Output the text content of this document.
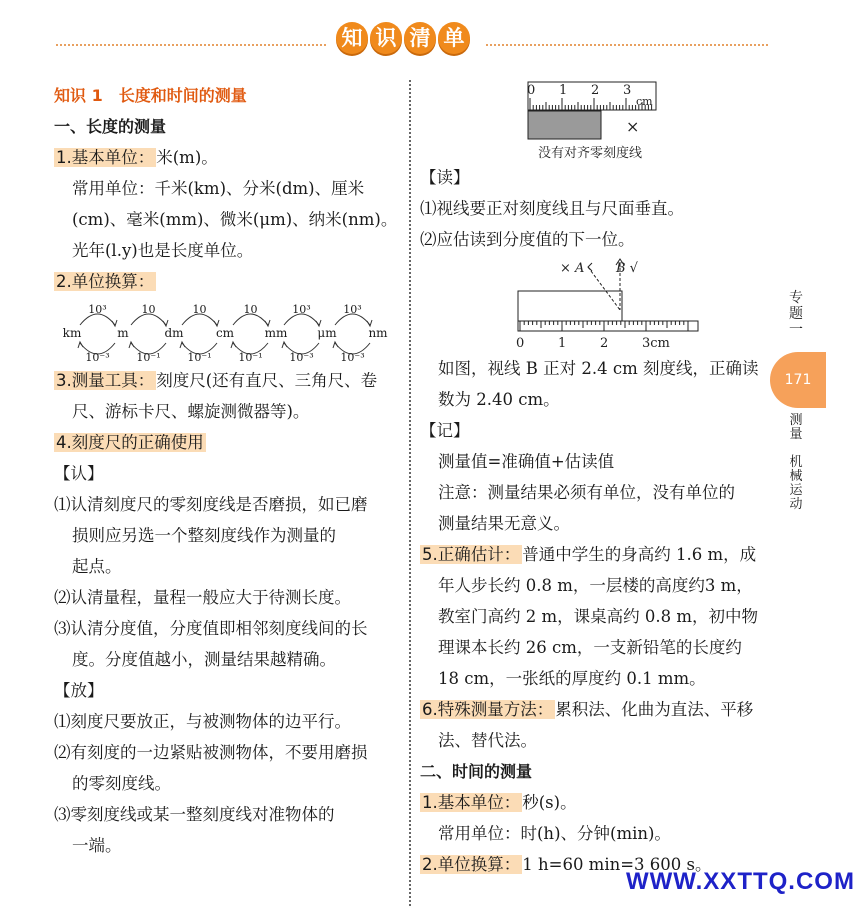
知 识 清 单
知识 1　长度和时间的测量
一、长度的测量
1.基本单位： 米(m)。
常用单位：千米(km)、分米(dm)、厘米
(cm)、毫米(mm)、微米(μm)、纳米(nm)。
光年(l.y)也是长度单位。
2.单位换算：
km	m	dm	cm	mm	μm	nm
10³
10⁻³
10
10⁻¹
10
10⁻¹
10
10⁻¹
10³
10⁻³
10³
10⁻³
3.测量工具： 刻度尺(还有直尺、三角尺、卷
尺、游标卡尺、螺旋测微器等)。
4.刻度尺的正确使用
【认】
⑴认清刻度尺的零刻度线是否磨损，如已磨
损则应另选一个整刻度线作为测量的
起点。
⑵认清量程，量程一般应大于待测长度。
⑶认清分度值，分度值即相邻刻度线间的长
度。分度值越小，测量结果越精确。
【放】
⑴刻度尺要放正，与被测物体的边平行。
⑵有刻度的一边紧贴被测物体，不要用磨损
的零刻度线。
⑶零刻度线或某一整刻度线对准物体的
一端。
0 1 2 3
cm
×
没有对齐零刻度线
【读】
⑴视线要正对刻度线且与尺面垂直。
⑵应估读到分度值的下一位。
× A B √
0	1	2	3cm
如图，视线 B 正对 2.4 cm 刻度线，正确读
数为 2.40 cm。
【记】
测量值=准确值+估读值
注意：测量结果必须有单位，没有单位的
测量结果无意义。
5.正确估计： 普通中学生的身高约 1.6 m，成
年人步长约 0.8 m，一层楼的高度约3 m，
教室门高约 2 m，课桌高约 0.8 m，初中物
理课本长约 26 cm，一支新铅笔的长度约
18 cm，一张纸的厚度约 0.1 mm。
6.特殊测量方法： 累积法、化曲为直法、平移
法、替代法。
二、时间的测量
1.基本单位： 秒(s)。
常用单位：时(h)、分钟(min)。
2.单位换算： 1 h=60 min=3 600 s。
专
题
一
171
测
量
机
械
运
动
WWW.XXTTQ.COM
